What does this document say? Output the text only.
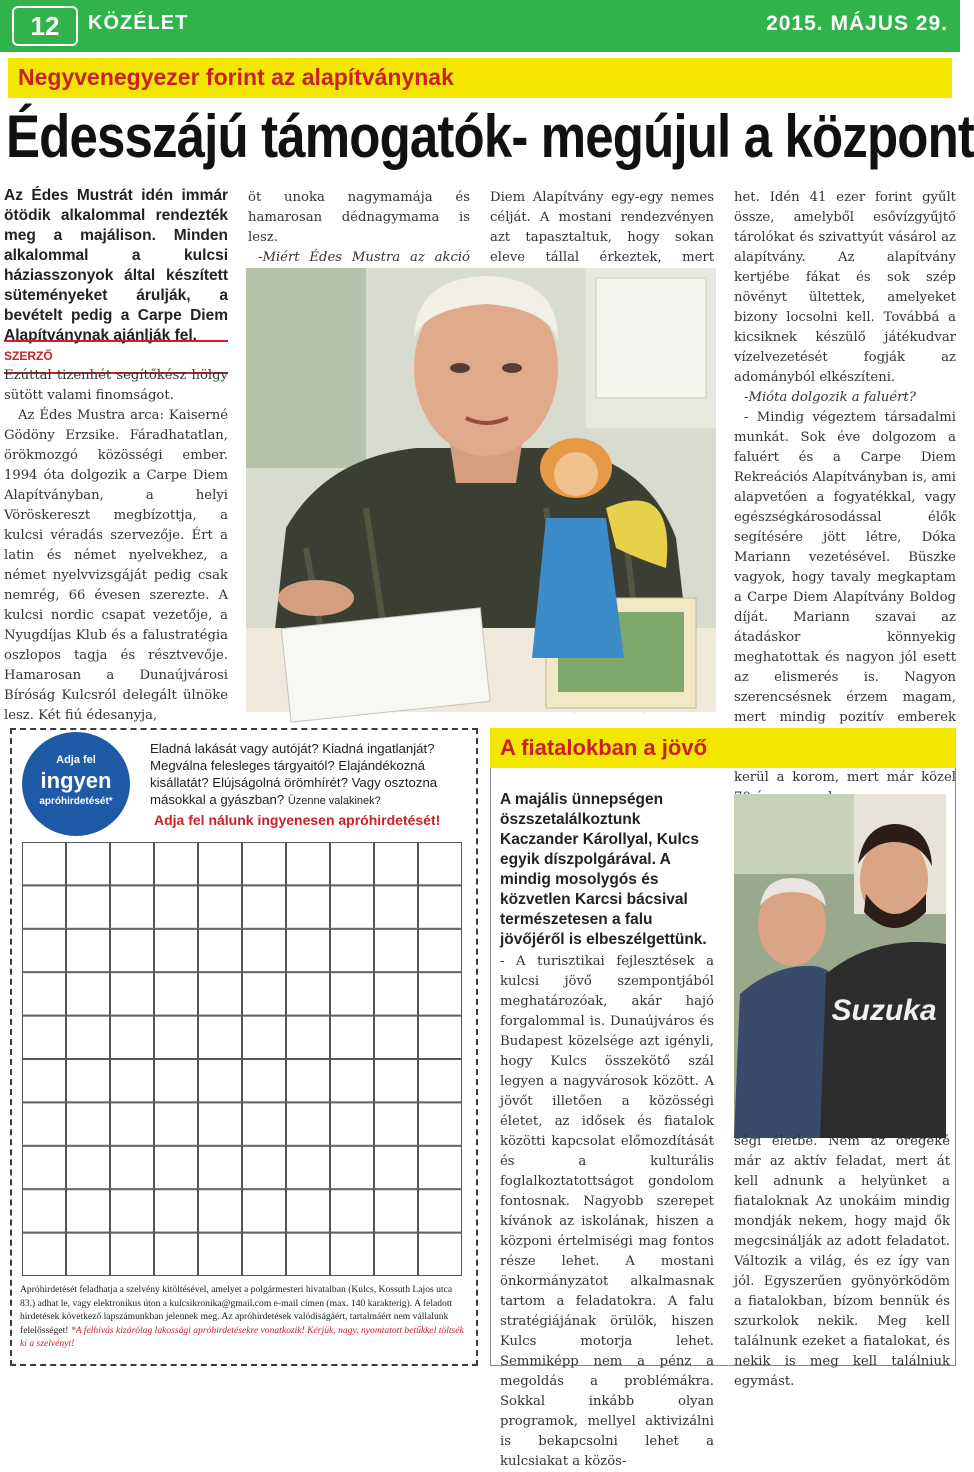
12	KÖZÉLET	2015. MÁJUS 29.
Negyvenegyezer forint az alapítványnak
Édesszájú támogatók- megújul a központ
Az Édes Mustrát idén immár ötödik alkalommal rendezték meg a majálison. Minden alkalommal a kulcsi háziasszonyok által készített süteményeket árulják, a bevételt pedig a Carpe Diem Alapítványnak ajánlják fel.
SZERZŐ

Ezúttal tizenhét segítőkész hölgy sütött valami finomságot.

Az Édes Mustra arca: Kaiserné Gödöny Erzsike. Fáradhatatlan, örökmozgó közösségi ember. 1994 óta dolgozik a Carpe Diem Alapítványban, a helyi Vöröskereszt megbízottja, a kulcsi véradás szervezője. Ért a latin és német nyelvekhez, a német nyelvvizsgáját pedig csak nemrég, 66 évesen szerezte. A kulcsi nordic csapat vezetője, a Nyugdíjas Klub és a falustratégia oszlopos tagja és résztvevője. Hamarosan a Dunaújvárosi Bíróság Kulcsról delegált ülnöke lesz. Két fiú édesanyja,

öt unoka nagymamája és hamarosan dédnagymama is lesz.

-Miért Édes Mustra az akció

Diem Alapítvány egy-egy nemes célját. A mostani rendezvényen azt tapasztaltuk, hogy sokan eleve tállal érkeztek, mert

het. Idén 41 ezer forint gyűlt össze, amelyből esővízgyűjtő tárolókat és szivattyút vásárol az alapítvány. Az alapítvány kertjébe fákat és sok szép növényt ültettek, amelyeket bizony locsolni kell. Továbbá a kicsiknek készülő játékudvar vízelvezetését fogják az adományból elkészíteni.

-Mióta dolgozik a faluért?

- Mindig végeztem társadalmi munkát. Sok éve dolgozom a faluért és a Carpe Diem Rekreációs Alapítványban is, ami alapvetően a fogyatékkal, vagy egészségkárosodással élők segítésére jött létre, Dóka Mariann vezetésével. Büszke vagyok, hogy tavaly megkaptam a Carpe Diem Alapítvány Boldog díját. Mariann szavai az átadáskor könnyekig meghatottak és nagyon jól esett az elismerés is. Nagyon szerencsésnek érzem magam, mert mindig pozitív emberek kerül a korom, mert már közel

Adja fel
ingyen
apróhirdetését*
Eladná lakását vagy autóját? Kiadná ingatlanját? Megválna felesleges tárgyaitól? Elajándékozná kisállatát? Elújságolná örömhírét? Vagy osztozna másokkal a gyászban? Üzenne valakinek?
Adja fel nálunk ingyenesen apróhirdetését!
Apróhirdetését feladhatja a szelvény kitöltésével, amelyet a polgármesteri hivatalban (Kulcs, Kossuth Lajos utca 83.) adhat le, vagy elektronikus úton a kulcsikronika@gmail.com e-mail címen (max. 140 karakterig). A feladott hirdetések következő lapszámunkban jelennek meg. Az apróhirdetések valódiságáért, tartalmáért nem vállalunk felelősséget! *A felhívás kizárólag lakossági apróhirdetésekre vonatkozik! Kérjük, nagy, nyomtatott betűkkel töltsék ki a szelvényt!
A fiatalokban a jövő
A majális ünnepségen öszszetalálkoztunk Kaczander Károllyal, Kulcs egyik díszpolgárával. A mindig mosolygós és közvetlen Karcsi bácsival természetesen a falu jövőjéről is elbeszélgettünk.
Suzuka

- A turisztikai fejlesztések a kulcsi jövő szempontjából meghatározóak, akár hajó forgalommal is. Dunaújváros és Budapest közelsége azt igényli, hogy Kulcs összekötő szál legyen a nagyvárosok között. A jövőt illetően a közösségi életet, az idősek és fiatalok közötti kapcsolat előmozdítását és a kulturális foglalkoztatottságot gondolom fontosnak. Nagyobb szerepet kívánok az iskolának, hiszen a közponi értelmiségi mag fontos része lehet. A mostani önkormányzatot alkalmasnak tartom a feladatokra. A falu stratégiájának örülök, hiszen Kulcs motorja lehet. Semmiképp nem a pénz a megoldás a problémákra. Sokkal inkább olyan programok, mellyel aktivizálni is bekapcsolni lehet a kulcsiakat a közös-

ségi életbe. Nem az öregeké már az aktív feladat, mert át kell adnunk a helyünket a fiataloknak Az unokáim mindig mondják nekem, hogy majd ők megcsinálják az adott feladatot. Változik a világ, és ez így van jól. Egyszerűen gyönyörködöm a fiatalokban, bízom bennük és szurkolok nekik. Meg kell találnunk ezeket a fiatalokat, és nekik is meg kell találniuk egymást.
